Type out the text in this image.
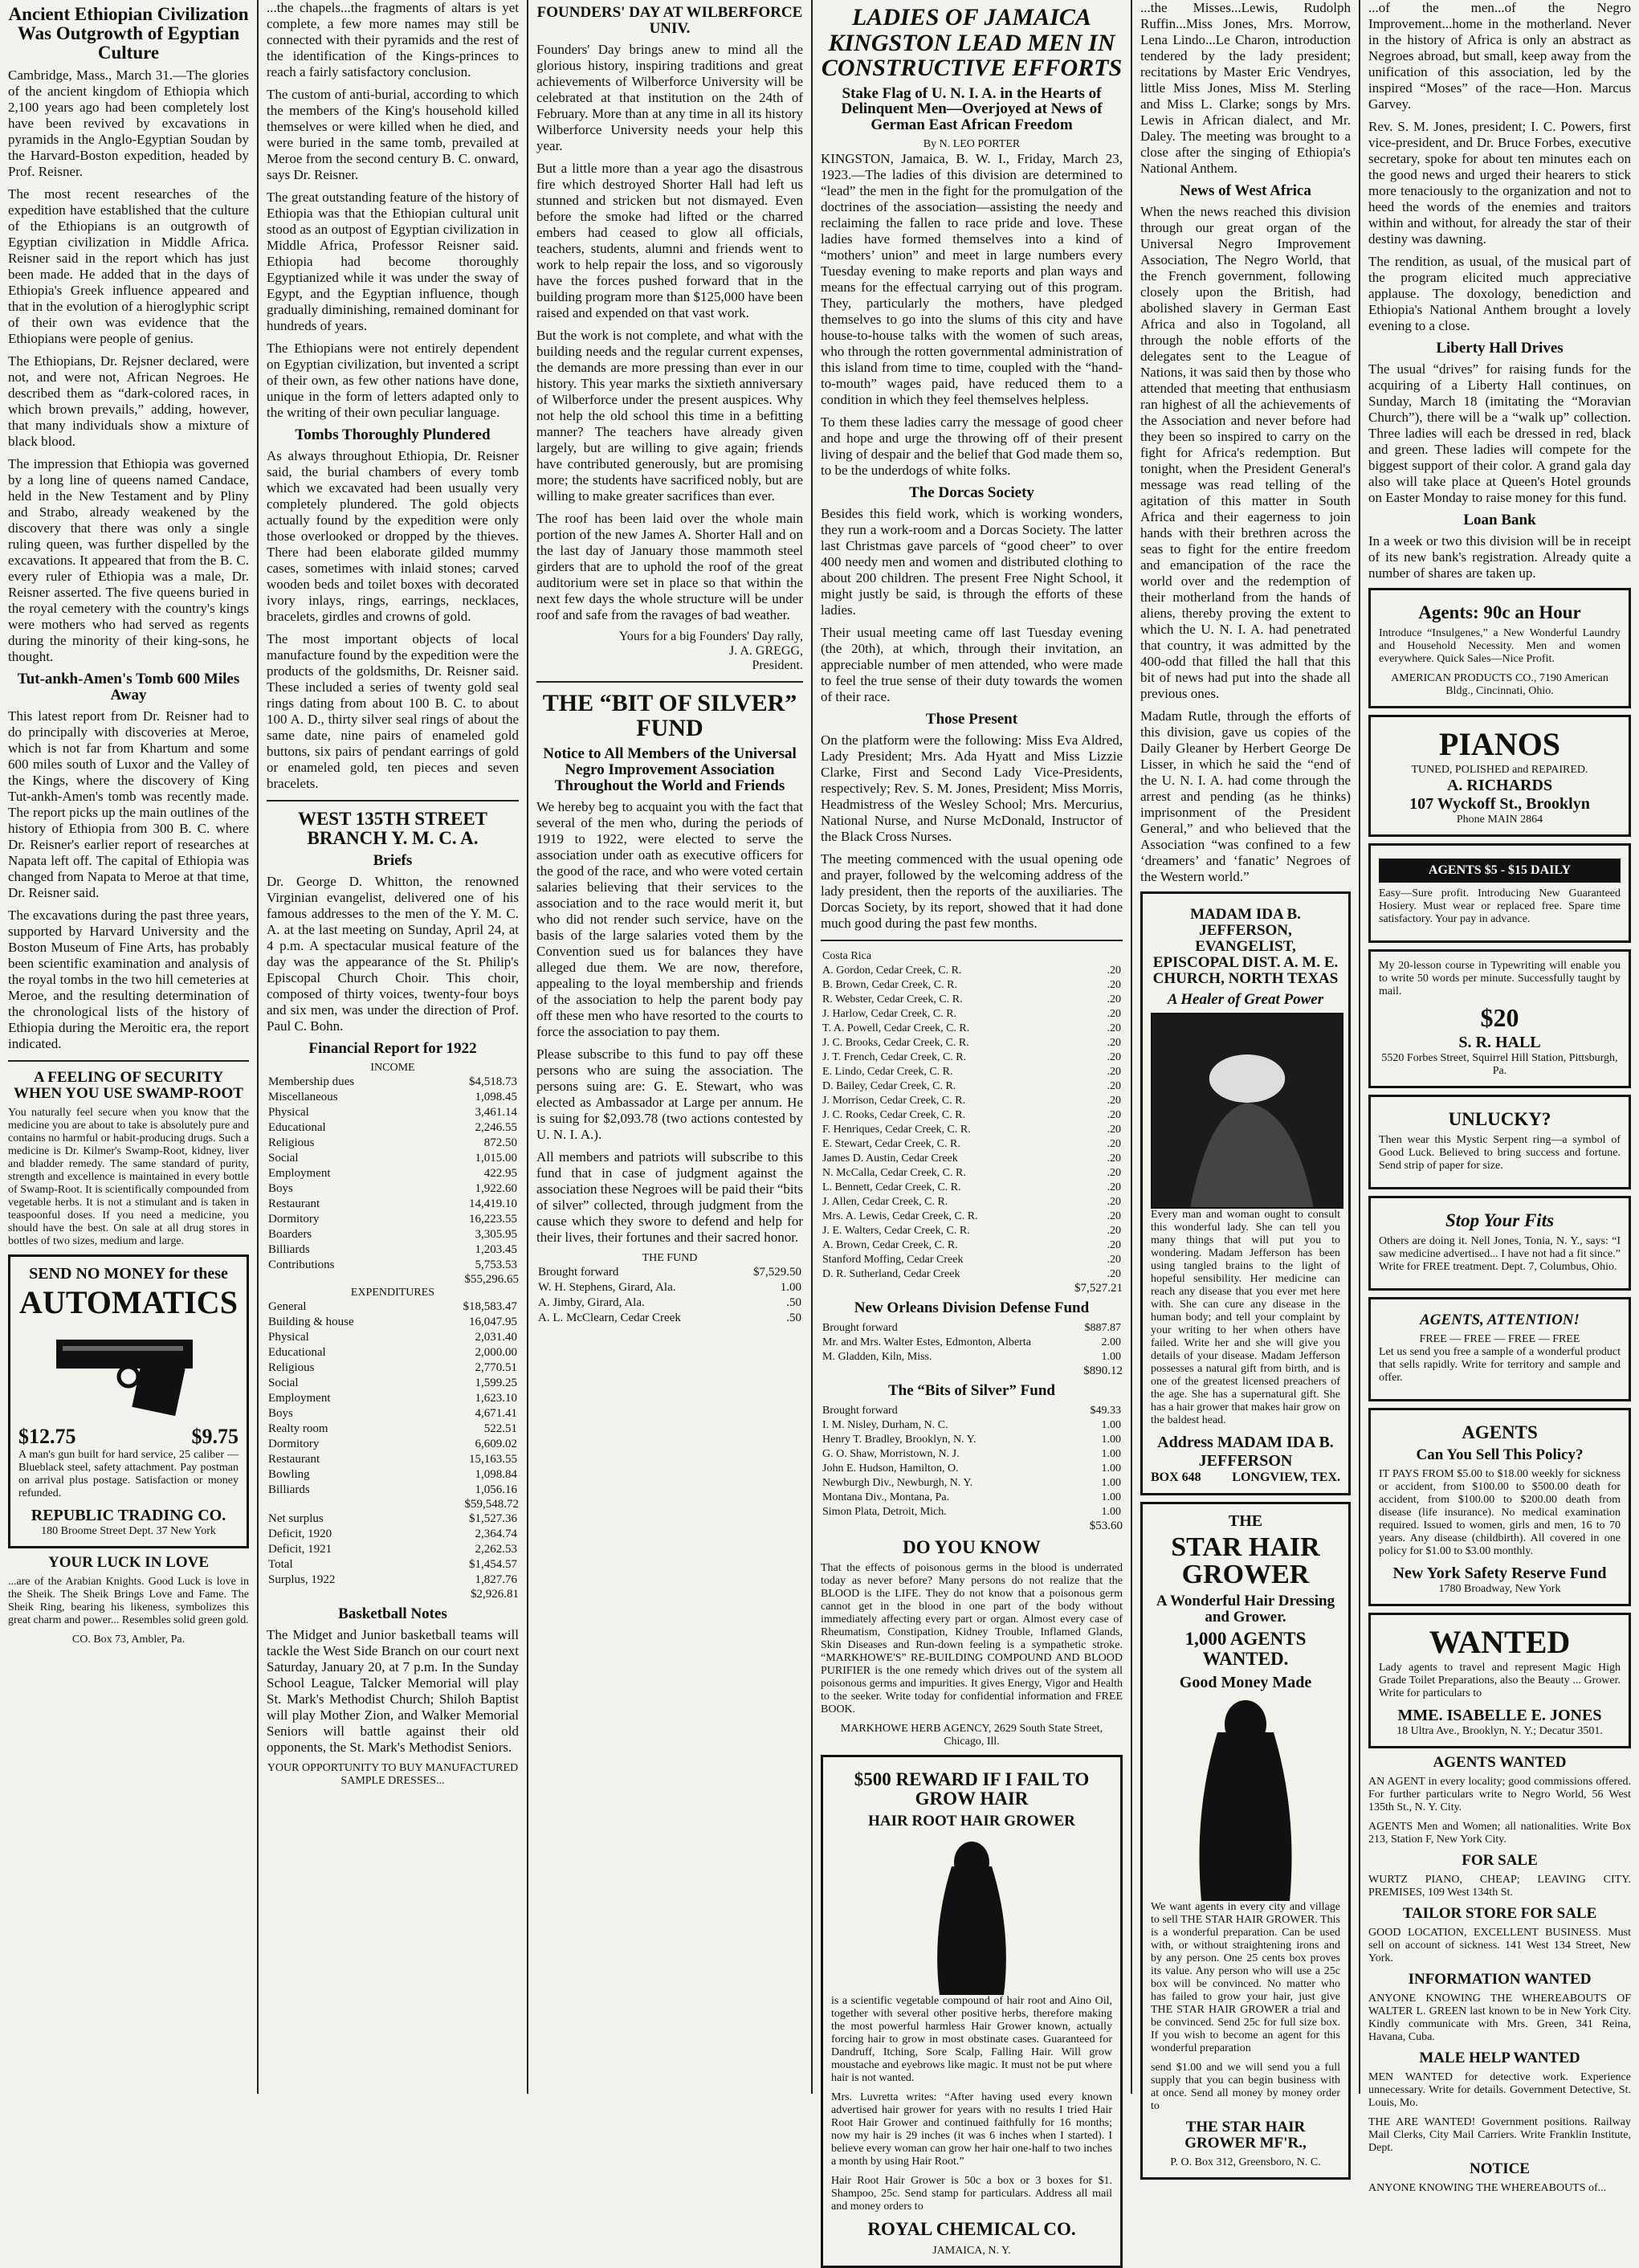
Ancient Ethiopian Civilization Was Outgrowth of Egyptian Culture

Cambridge, Mass., March 31.—The glories of the ancient kingdom of Ethiopia which 2,100 years ago had been completely lost have been revived by excavations in pyramids in the Anglo-Egyptian Soudan by the Harvard-Boston expedition, headed by Prof. Reisner.

The most recent researches of the expedition have established that the culture of the Ethiopians is an outgrowth of Egyptian civilization in Middle Africa. Reisner said in the report which has just been made. He added that in the days of Ethiopia's Greek influence appeared and that in the evolution of a hieroglyphic script of their own was evidence that the Ethiopians were people of genius.

The Ethiopians, Dr. Rejsner declared, were not, and were not, African Negroes. He described them as “dark-colored races, in which brown prevails,” adding, however, that many individuals show a mixture of black blood.

The impression that Ethiopia was governed by a long line of queens named Candace, held in the New Testament and by Pliny and Strabo, already weakened by the discovery that there was only a single ruling queen, was further dispelled by the excavations. It appeared that from the B. C. every ruler of Ethiopia was a male, Dr. Reisner asserted. The five queens buried in the royal cemetery with the country's kings were mothers who had served as regents during the minority of their king-sons, he thought.

Tut-ankh-Amen's Tomb 600 Miles Away

This latest report from Dr. Reisner had to do principally with discoveries at Meroe, which is not far from Khartum and some 600 miles south of Luxor and the Valley of the Kings, where the discovery of King Tut-ankh-Amen's tomb was recently made. The report picks up the main outlines of the history of Ethiopia from 300 B. C. where Dr. Reisner's earlier report of researches at Napata left off. The capital of Ethiopia was changed from Napata to Meroe at that time, Dr. Reisner said.

The excavations during the past three years, supported by Harvard University and the Boston Museum of Fine Arts, has probably been scientific examination and analysis of the royal tombs in the two hill cemeteries at Meroe, and the resulting determination of the chronological lists of the history of Ethiopia during the Meroitic era, the report indicated.

A FEELING OF SECURITY WHEN YOU USE SWAMP-ROOT

You naturally feel secure when you know that the medicine you are about to take is absolutely pure and contains no harmful or habit-producing drugs. Such a medicine is Dr. Kilmer's Swamp-Root, kidney, liver and bladder remedy. The same standard of purity, strength and excellence is maintained in every bottle of Swamp-Root. It is scientifically compounded from vegetable herbs. It is not a stimulant and is taken in teaspoonful doses. If you need a medicine, you should have the best. On sale at all drug stores in bottles of two sizes, medium and large.

SEND NO MONEY for these
AUTOMATICS
$12.75	$9.75

A man's gun built for hard service, 25 caliber — Blueblack steel, safety attachment. Pay postman on arrival plus postage. Satisfaction or money refunded.

REPUBLIC TRADING CO.
180 Broome Street Dept. 37 New York
YOUR LUCK IN LOVE

...are of the Arabian Knights. Good Luck is love in the Sheik. The Sheik Brings Love and Fame. The Sheik Ring, bearing his likeness, symbolizes this great charm and power... Resembles solid green gold.

CO. Box 73, Ambler, Pa.

...the chapels...the fragments of altars is yet complete, a few more names may still be connected with their pyramids and the rest of the identification of the Kings-princes to reach a fairly satisfactory conclusion.

The custom of anti-burial, according to which the members of the King's household killed themselves or were killed when he died, and were buried in the same tomb, prevailed at Meroe from the second century B. C. onward, says Dr. Reisner.

The great outstanding feature of the history of Ethiopia was that the Ethiopian cultural unit stood as an outpost of Egyptian civilization in Middle Africa, Professor Reisner said. Ethiopia had become thoroughly Egyptianized while it was under the sway of Egypt, and the Egyptian influence, though gradually diminishing, remained dominant for hundreds of years.

The Ethiopians were not entirely dependent on Egyptian civilization, but invented a script of their own, as few other nations have done, unique in the form of letters adapted only to the writing of their own peculiar language.

Tombs Thoroughly Plundered

As always throughout Ethiopia, Dr. Reisner said, the burial chambers of every tomb which we excavated had been usually very completely plundered. The gold objects actually found by the expedition were only those overlooked or dropped by the thieves. There had been elaborate gilded mummy cases, sometimes with inlaid stones; carved wooden beds and toilet boxes with decorated ivory inlays, rings, earrings, necklaces, bracelets, girdles and crowns of gold.

The most important objects of local manufacture found by the expedition were the products of the goldsmiths, Dr. Reisner said. These included a series of twenty gold seal rings dating from about 100 B. C. to about 100 A. D., thirty silver seal rings of about the same date, nine pairs of enameled gold buttons, six pairs of pendant earrings of gold or enameled gold, ten pieces and seven bracelets.

WEST 135TH STREET BRANCH Y. M. C. A.
Briefs

Dr. George D. Whitton, the renowned Virginian evangelist, delivered one of his famous addresses to the men of the Y. M. C. A. at the last meeting on Sunday, April 24, at 4 p.m. A spectacular musical feature of the day was the appearance of the St. Philip's Episcopal Church Choir. This choir, composed of thirty voices, twenty-four boys and six men, was under the direction of Prof. Paul C. Bohn.

Financial Report for 1922
INCOME
Membership dues	$4,518.73
Miscellaneous	1,098.45
Physical	3,461.14
Educational	2,246.55
Religious	872.50
Social	1,015.00
Employment	422.95
Boys	1,922.60
Restaurant	14,419.10
Dormitory	16,223.55
Boarders	3,305.95
Billiards	1,203.45
Contributions	5,753.53
$55,296.65
EXPENDITURES
General	$18,583.47
Building & house	16,047.95
Physical	2,031.40
Educational	2,000.00
Religious	2,770.51
Social	1,599.25
Employment	1,623.10
Boys	4,671.41
Realty room	522.51
Dormitory	6,609.02
Restaurant	15,163.55
Bowling	1,098.84
Billiards	1,056.16
$59,548.72
Net surplus	$1,527.36
Deficit, 1920	2,364.74
Deficit, 1921	2,262.53
Total	$1,454.57
Surplus, 1922	1,827.76
$2,926.81
Basketball Notes

The Midget and Junior basketball teams will tackle the West Side Branch on our court next Saturday, January 20, at 7 p.m. In the Sunday School League, Talcker Memorial will play St. Mark's Methodist Church; Shiloh Baptist will play Mother Zion, and Walker Memorial Seniors will battle against their old opponents, the St. Mark's Methodist Seniors.

YOUR OPPORTUNITY TO BUY MANUFACTURED SAMPLE DRESSES...
FOUNDERS' DAY AT WILBERFORCE UNIV.

Founders' Day brings anew to mind all the glorious history, inspiring traditions and great achievements of Wilberforce University will be celebrated at that institution on the 24th of February. More than at any time in all its history Wilberforce University needs your help this year.

But a little more than a year ago the disastrous fire which destroyed Shorter Hall had left us stunned and stricken but not dismayed. Even before the smoke had lifted or the charred embers had ceased to glow all officials, teachers, students, alumni and friends went to work to help repair the loss, and so vigorously have the forces pushed forward that in the building program more than $125,000 have been raised and expended on that vast work.

But the work is not complete, and what with the building needs and the regular current expenses, the demands are more pressing than ever in our history. This year marks the sixtieth anniversary of Wilberforce under the present auspices. Why not help the old school this time in a befitting manner? The teachers have already given largely, but are willing to give again; friends have contributed generously, but are promising more; the students have sacrificed nobly, but are willing to make greater sacrifices than ever.

The roof has been laid over the whole main portion of the new James A. Shorter Hall and on the last day of January those mammoth steel girders that are to uphold the roof of the great auditorium were set in place so that within the next few days the whole structure will be under roof and safe from the ravages of bad weather.

Yours for a big Founders' Day rally,
J. A. GREGG,
President.
THE “BIT OF SILVER” FUND
Notice to All Members of the Universal Negro Improvement Association Throughout the World and Friends

We hereby beg to acquaint you with the fact that several of the men who, during the periods of 1919 to 1922, were elected to serve the association under oath as executive officers for the good of the race, and who were voted certain salaries believing that their services to the association and to the race would merit it, but who did not render such service, have on the basis of the large salaries voted them by the Convention sued us for balances they have alleged due them. We are now, therefore, appealing to the loyal membership and friends of the association to help the parent body pay off these men who have resorted to the courts to force the association to pay them.

Please subscribe to this fund to pay off these persons who are suing the association. The persons suing are: G. E. Stewart, who was elected as Ambassador at Large per annum. He is suing for $2,093.78 (two actions contested by U. N. I. A.).

All members and patriots will subscribe to this fund that in case of judgment against the association these Negroes will be paid their “bits of silver” collected, through judgment from the cause which they swore to defend and help for their lives, their fortunes and their sacred honor.

THE FUND
Brought forward	$7,529.50
W. H. Stephens, Girard, Ala.	1.00
A. Jimby, Girard, Ala.	.50
A. L. McClearn, Cedar Creek	.50
LADIES OF JAMAICA KINGSTON LEAD MEN IN CONSTRUCTIVE EFFORTS
Stake Flag of U. N. I. A. in the Hearts of Delinquent Men—Overjoyed at News of German East African Freedom
By N. LEO PORTER

KINGSTON, Jamaica, B. W. I., Friday, March 23, 1923.—The ladies of this division are determined to “lead” the men in the fight for the promulgation of the doctrines of the association—assisting the needy and reclaiming the fallen to race pride and love. These ladies have formed themselves into a kind of “mothers’ union” and meet in large numbers every Tuesday evening to make reports and plan ways and means for the effectual carrying out of this program. They, particularly the mothers, have pledged themselves to go into the slums of this city and have house-to-house talks with the women of such areas, who through the rotten governmental administration of this island from time to time, coupled with the “hand-to-mouth” wages paid, have reduced them to a condition in which they feel themselves helpless.

To them these ladies carry the message of good cheer and hope and urge the throwing off of their present living of despair and the belief that God made them so, to be the underdogs of white folks.

The Dorcas Society

Besides this field work, which is working wonders, they run a work-room and a Dorcas Society. The latter last Christmas gave parcels of “good cheer” to over 400 needy men and women and distributed clothing to about 200 children. The present Free Night School, it might justly be said, is through the efforts of these ladies.

Their usual meeting came off last Tuesday evening (the 20th), at which, through their invitation, an appreciable number of men attended, who were made to feel the true sense of their duty towards the women of their race.

Those Present

On the platform were the following: Miss Eva Aldred, Lady President; Mrs. Ada Hyatt and Miss Lizzie Clarke, First and Second Lady Vice-Presidents, respectively; Rev. S. M. Jones, President; Miss Morris, Headmistress of the Wesley School; Mrs. Mercurius, National Nurse, and Nurse McDonald, Instructor of the Black Cross Nurses.

The meeting commenced with the usual opening ode and prayer, followed by the welcoming address of the lady president, then the reports of the auxiliaries. The Dorcas Society, by its report, showed that it had done much good during the past few months.

Costa Rica	
A. Gordon, Cedar Creek, C. R.	.20
B. Brown, Cedar Creek, C. R.	.20
R. Webster, Cedar Creek, C. R.	.20
J. Harlow, Cedar Creek, C. R.	.20
T. A. Powell, Cedar Creek, C. R.	.20
J. C. Brooks, Cedar Creek, C. R.	.20
J. T. French, Cedar Creek, C. R.	.20
E. Lindo, Cedar Creek, C. R.	.20
D. Bailey, Cedar Creek, C. R.	.20
J. Morrison, Cedar Creek, C. R.	.20
J. C. Rooks, Cedar Creek, C. R.	.20
F. Henriques, Cedar Creek, C. R.	.20
E. Stewart, Cedar Creek, C. R.	.20
James D. Austin, Cedar Creek	.20
N. McCalla, Cedar Creek, C. R.	.20
L. Bennett, Cedar Creek, C. R.	.20
J. Allen, Cedar Creek, C. R.	.20
Mrs. A. Lewis, Cedar Creek, C. R.	.20
J. E. Walters, Cedar Creek, C. R.	.20
A. Brown, Cedar Creek, C. R.	.20
Stanford Moffing, Cedar Creek	.20
D. R. Sutherland, Cedar Creek	.20
$7,527.21
New Orleans Division Defense Fund
Brought forward	$887.87
Mr. and Mrs. Walter Estes, Edmonton, Alberta	2.00
M. Gladden, Kiln, Miss.	1.00
$890.12
The “Bits of Silver” Fund
Brought forward	$49.33
I. M. Nisley, Durham, N. C.	1.00
Henry T. Bradley, Brooklyn, N. Y.	1.00
G. O. Shaw, Morristown, N. J.	1.00
John E. Hudson, Hamilton, O.	1.00
Newburgh Div., Newburgh, N. Y.	1.00
Montana Div., Montana, Pa.	1.00
Simon Plata, Detroit, Mich.	1.00
$53.60
DO YOU KNOW

That the effects of poisonous germs in the blood is underrated today as never before? Many persons do not realize that the BLOOD is the LIFE. They do not know that a poisonous germ cannot get in the blood in one part of the body without immediately affecting every part or organ. Almost every case of Rheumatism, Constipation, Kidney Trouble, Inflamed Glands, Skin Diseases and Run-down feeling is a sympathetic stroke. “MARKHOWE'S” RE-BUILDING COMPOUND AND BLOOD PURIFIER is the one remedy which drives out of the system all poisonous germs and impurities. It gives Energy, Vigor and Health to the seeker. Write today for confidential information and FREE BOOK.

MARKHOWE HERB AGENCY, 2629 South State Street, Chicago, Ill.
$500 REWARD IF I FAIL TO GROW HAIR
HAIR ROOT HAIR GROWER

is a scientific vegetable compound of hair root and Aino Oil, together with several other positive herbs, therefore making the most powerful harmless Hair Grower known, actually forcing hair to grow in most obstinate cases. Guaranteed for Dandruff, Itching, Sore Scalp, Falling Hair. Will grow moustache and eyebrows like magic. It must not be put where hair is not wanted.

Mrs. Luvretta writes: “After having used every known advertised hair grower for years with no results I tried Hair Root Hair Grower and continued faithfully for 16 months; now my hair is 29 inches (it was 6 inches when I started). I believe every woman can grow her hair one-half to two inches a month by using Hair Root.”

Hair Root Hair Grower is 50c a box or 3 boxes for $1. Shampoo, 25c. Send stamp for particulars. Address all mail and money orders to

ROYAL CHEMICAL CO.
JAMAICA, N. Y.

...the Misses...Lewis, Rudolph Ruffin...Miss Jones, Mrs. Morrow, Lena Lindo...Le Charon, introduction tendered by the lady president; recitations by Master Eric Vendryes, little Miss Jones, Miss M. Sterling and Miss L. Clarke; songs by Mrs. Lewis in African dialect, and Mr. Daley. The meeting was brought to a close after the singing of Ethiopia's National Anthem.

News of West Africa

When the news reached this division through our great organ of the Universal Negro Improvement Association, The Negro World, that the French government, following closely upon the British, had abolished slavery in German East Africa and also in Togoland, all through the noble efforts of the delegates sent to the League of Nations, it was said then by those who attended that meeting that enthusiasm ran highest of all the achievements of the Association and never before had they been so inspired to carry on the fight for Africa's redemption. But tonight, when the President General's message was read telling of the agitation of this matter in South Africa and their eagerness to join hands with their brethren across the seas to fight for the entire freedom and emancipation of the race the world over and the redemption of their motherland from the hands of aliens, thereby proving the extent to which the U. N. I. A. had penetrated that country, it was admitted by the 400-odd that filled the hall that this bit of news had put into the shade all previous ones.

Madam Rutle, through the efforts of this division, gave us copies of the Daily Gleaner by Herbert George De Lisser, in which he said the “end of the U. N. I. A. had come through the arrest and pending (as he thinks) imprisonment of the President General,” and who believed that the Association “was confined to a few ‘dreamers’ and ‘fanatic’ Negroes of the Western world.”

MADAM IDA B. JEFFERSON, EVANGELIST, EPISCOPAL DIST. A. M. E. CHURCH, NORTH TEXAS
A Healer of Great Power

Every man and woman ought to consult this wonderful lady. She can tell you many things that will put you to wondering. Madam Jefferson has been using tangled brains to the light of hopeful sensibility. Her medicine can reach any disease that you ever met here with. She can cure any disease in the human body; and tell your complaint by your writing to her when others have failed. Write her and she will give you details of your disease. Madam Jefferson possesses a natural gift from birth, and is one of the greatest licensed preachers of the age. She has a supernatural gift. She has a hair grower that makes hair grow on the baldest head.

Address MADAM IDA B. JEFFERSON
BOX 648 LONGVIEW, TEX.
THE
STAR HAIR GROWER
A Wonderful Hair Dressing and Grower.
1,000 AGENTS WANTED.
Good Money Made

We want agents in every city and village to sell THE STAR HAIR GROWER. This is a wonderful preparation. Can be used with, or without straightening irons and by any person. One 25 cents box proves its value. Any person who will use a 25c box will be convinced. No matter who has failed to grow your hair, just give THE STAR HAIR GROWER a trial and be convinced. Send 25c for full size box. If you wish to become an agent for this wonderful preparation

send $1.00 and we will send you a full supply that you can begin business with at once. Send all money by money order to

THE STAR HAIR GROWER MF'R.,
P. O. Box 312, Greensboro, N. C.

...of the men...of the Negro Improvement...home in the motherland. Never in the history of Africa is only an abstract as Negroes abroad, but small, keep away from the unification of this association, led by the inspired “Moses” of the race—Hon. Marcus Garvey.

Rev. S. M. Jones, president; I. C. Powers, first vice-president, and Dr. Bruce Forbes, executive secretary, spoke for about ten minutes each on the good news and urged their hearers to stick more tenaciously to the organization and not to heed the words of the enemies and traitors within and without, for already the star of their destiny was dawning.

The rendition, as usual, of the musical part of the program elicited much appreciative applause. The doxology, benediction and Ethiopia's National Anthem brought a lovely evening to a close.

Liberty Hall Drives

The usual “drives” for raising funds for the acquiring of a Liberty Hall continues, on Sunday, March 18 (imitating the “Moravian Church”), there will be a “walk up” collection. Three ladies will each be dressed in red, black and green. These ladies will compete for the biggest support of their color. A grand gala day also will take place at Queen's Hotel grounds on Easter Monday to raise money for this fund.

Loan Bank

In a week or two this division will be in receipt of its new bank's registration. Already quite a number of shares are taken up.

Agents: 90c an Hour

Introduce “Insulgenes,” a New Wonderful Laundry and Household Necessity. Men and women everywhere. Quick Sales—Nice Profit.

AMERICAN PRODUCTS CO., 7190 American Bldg., Cincinnati, Ohio.
PIANOS
TUNED, POLISHED and REPAIRED.
A. RICHARDS
107 Wyckoff St., Brooklyn
Phone MAIN 2864
AGENTS $5 - $15 DAILY

Easy—Sure profit. Introducing New Guaranteed Hosiery. Must wear or replaced free. Spare time satisfactory. Your pay in advance.

My 20-lesson course in Typewriting will enable you to write 50 words per minute. Successfully taught by mail.

$20
S. R. HALL
5520 Forbes Street, Squirrel Hill Station, Pittsburgh, Pa.
UNLUCKY?

Then wear this Mystic Serpent ring—a symbol of Good Luck. Believed to bring success and fortune. Send strip of paper for size.

Stop Your Fits

Others are doing it. Nell Jones, Tonia, N. Y., says: “I saw medicine advertised... I have not had a fit since.” Write for FREE treatment. Dept. 7, Columbus, Ohio.

AGENTS, ATTENTION!
FREE — FREE — FREE — FREE

Let us send you free a sample of a wonderful product that sells rapidly. Write for territory and sample and offer.

AGENTS
Can You Sell This Policy?

IT PAYS FROM $5.00 to $18.00 weekly for sickness or accident, from $100.00 to $500.00 death for accident, from $100.00 to $200.00 death from disease (life insurance). No medical examination required. Issued to women, girls and men, 16 to 70 years. Any disease (childbirth). All covered in one policy for $1.00 to $3.00 monthly.

New York Safety Reserve Fund
1780 Broadway, New York
WANTED

Lady agents to travel and represent Magic High Grade Toilet Preparations, also the Beauty ... Grower. Write for particulars to

MME. ISABELLE E. JONES
18 Ultra Ave., Brooklyn, N. Y.; Decatur 3501.
AGENTS WANTED

AN AGENT in every locality; good commissions offered. For further particulars write to Negro World, 56 West 135th St., N. Y. City.

AGENTS Men and Women; all nationalities. Write Box 213, Station F, New York City.

FOR SALE

WURTZ PIANO, CHEAP; LEAVING CITY. PREMISES, 109 West 134th St.

TAILOR STORE FOR SALE

GOOD LOCATION, EXCELLENT BUSINESS. Must sell on account of sickness. 141 West 134 Street, New York.

INFORMATION WANTED

ANYONE KNOWING THE WHEREABOUTS OF WALTER L. GREEN last known to be in New York City. Kindly communicate with Mrs. Green, 341 Reina, Havana, Cuba.

MALE HELP WANTED

MEN WANTED for detective work. Experience unnecessary. Write for details. Government Detective, St. Louis, Mo.

THE ARE WANTED! Government positions. Railway Mail Clerks, City Mail Carriers. Write Franklin Institute, Dept.

NOTICE

ANYONE KNOWING THE WHEREABOUTS of...
